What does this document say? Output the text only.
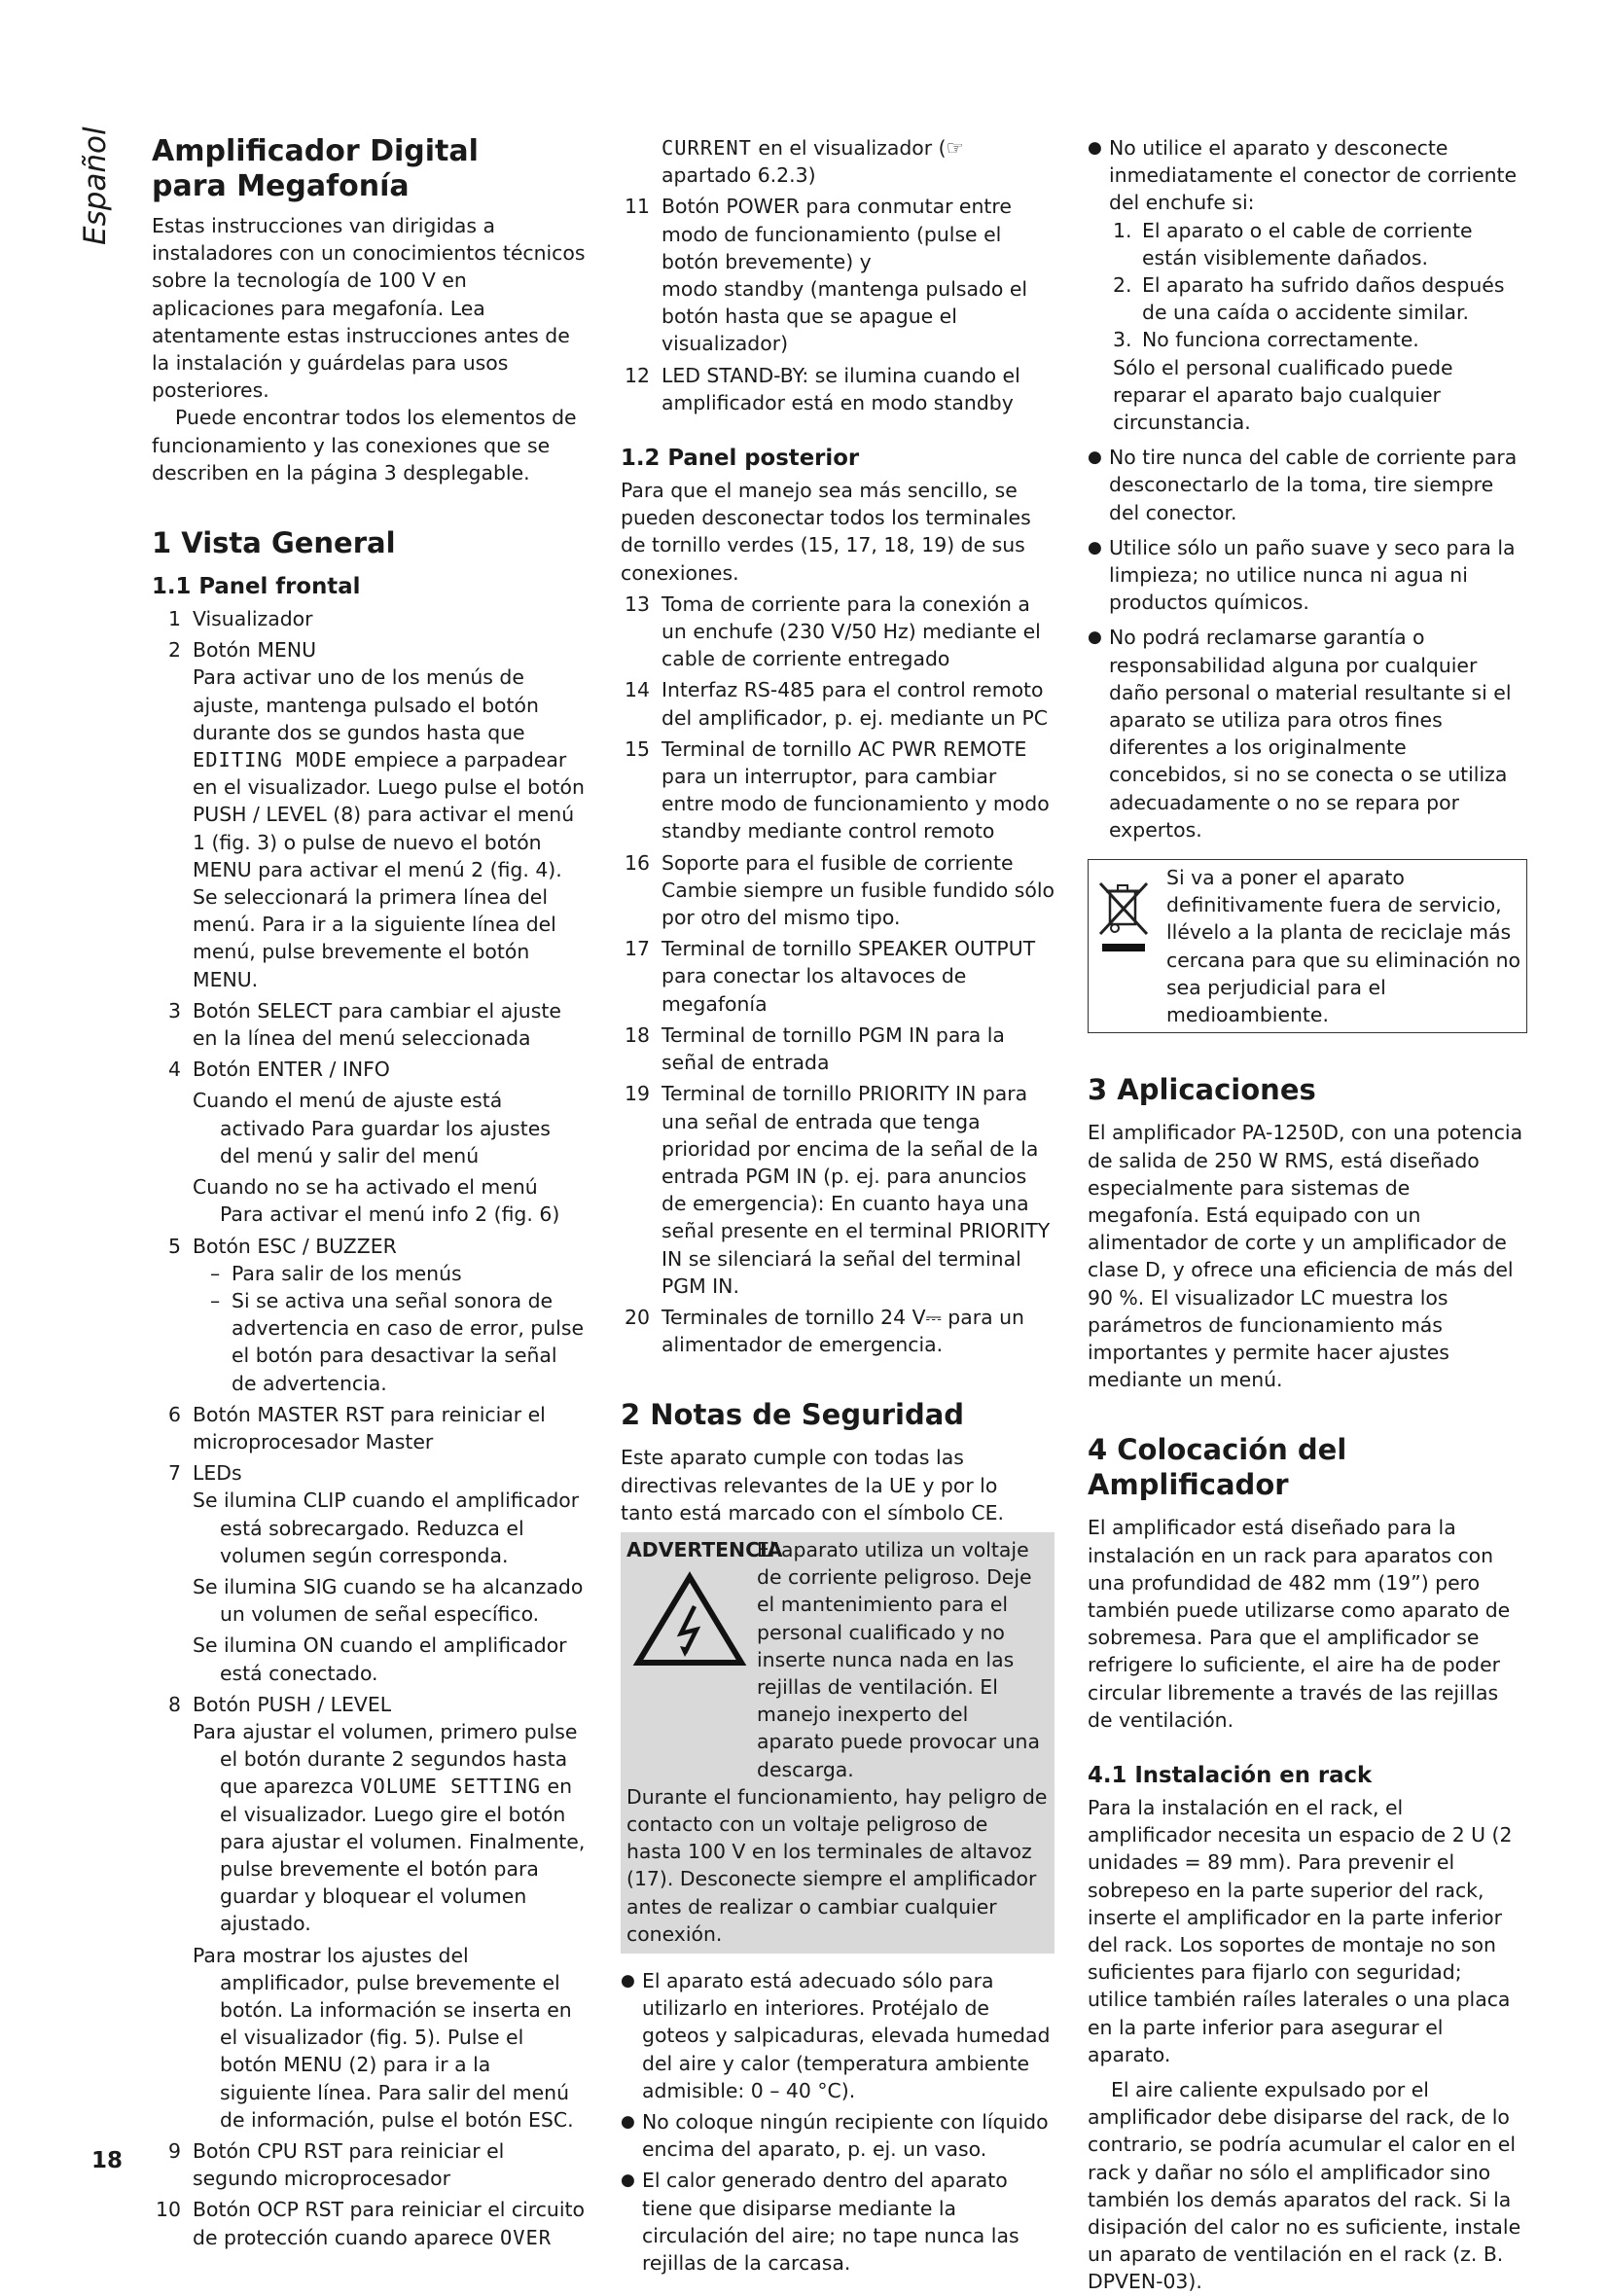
Español Amplificador Digital
para Megafonía

Estas instrucciones van dirigidas a instaladores con un conocimientos técnicos sobre la tecnología de 100 V en aplicaciones para megafonía. Lea atentamente estas instrucciones antes de la instalación y guárdelas para usos posteriores.

Puede encontrar todos los elementos de funcionamiento y las conexiones que se describen en la página 3 desplegable.

1 Vista General
1.1 Panel frontal
1 Visualizador
2 Botón MENU
Para activar uno de los menús de ajuste, mantenga pulsado el botón durante dos se gundos hasta que EDITING MODE empiece a parpadear en el visualizador. Luego pulse el botón PUSH / LEVEL (8) para activar el menú 1 (fig. 3) o pulse de nuevo el botón MENU para activar el menú 2 (fig. 4).
Se seleccionará la primera línea del menú. Para ir a la siguiente línea del menú, pulse brevemente el botón MENU.
3 Botón SELECT para cambiar el ajuste en la línea del menú seleccionada
4 Botón ENTER / INFO
Cuando el menú de ajuste está activado Para guardar los ajustes del menú y salir del menú
Cuando no se ha activado el menú Para activar el menú info 2 (fig. 6)
5 Botón ESC / BUZZER
– Para salir de los menús
– Si se activa una señal sonora de advertencia en caso de error, pulse el botón para desactivar la señal de advertencia.
6 Botón MASTER RST para reiniciar el microprocesador Master
7 LEDs
Se ilumina CLIP cuando el amplificador está sobrecargado. Reduzca el volumen según corresponda.
Se ilumina SIG cuando se ha alcanzado un volumen de señal específico.
Se ilumina ON cuando el amplificador está conectado.
8 Botón PUSH / LEVEL
Para ajustar el volumen, primero pulse el botón durante 2 segundos hasta que aparezca VOLUME SETTING en el visualizador. Luego gire el botón para ajustar el volumen. Finalmente, pulse brevemente el botón para guardar y bloquear el volumen ajustado.
Para mostrar los ajustes del amplificador, pulse brevemente el botón. La información se inserta en el visualizador (fig. 5). Pulse el botón MENU (2) para ir a la siguiente línea. Para salir del menú de información, pulse el botón ESC.
9 Botón CPU RST para reiniciar el segundo microprocesador
10 Botón OCP RST para reiniciar el circuito de protección cuando aparece OVER
CURRENT en el visualizador (☞ apartado 6.2.3)
11 Botón POWER para conmutar entre modo de funcionamiento (pulse el botón brevemente) y
modo standby (mantenga pulsado el botón hasta que se apague el visualizador)
12 LED STAND-BY: se ilumina cuando el amplificador está en modo standby
1.2 Panel posterior

Para que el manejo sea más sencillo, se pueden desconectar todos los terminales de tornillo verdes (15, 17, 18, 19) de sus conexiones.

13 Toma de corriente para la conexión a un enchufe (230 V/50 Hz) mediante el cable de corriente entregado
14 Interfaz RS-485 para el control remoto del amplificador, p. ej. mediante un PC
15 Terminal de tornillo AC PWR REMOTE para un interruptor, para cambiar entre modo de funcionamiento y modo standby mediante control remoto
16 Soporte para el fusible de corriente Cambie siempre un fusible fundido sólo por otro del mismo tipo.
17 Terminal de tornillo SPEAKER OUTPUT para conectar los altavoces de megafonía
18 Terminal de tornillo PGM IN para la señal de entrada
19 Terminal de tornillo PRIORITY IN para una señal de entrada que tenga prioridad por encima de la señal de la entrada PGM IN (p. ej. para anuncios de emergencia): En cuanto haya una señal presente en el terminal PRIORITY IN se silenciará la señal del terminal PGM IN.
20 Terminales de tornillo 24 V⎓ para un alimentador de emergencia.
2 Notas de Seguridad

Este aparato cumple con todas las directivas relevantes de la UE y por lo tanto está marcado con el símbolo CE.

ADVERTENCIA
El aparato utiliza un voltaje de corriente peligroso. Deje el mantenimiento para el personal cualificado y no inserte nunca nada en las rejillas de ventilación. El manejo inexperto del aparato puede provocar una descarga.
Durante el funcionamiento, hay peligro de contacto con un voltaje peligroso de hasta 100 V en los terminales de altavoz (17). Desconecte siempre el amplificador antes de realizar o cambiar cualquier conexión.
● El aparato está adecuado sólo para utilizarlo en interiores. Protéjalo de goteos y salpicaduras, elevada humedad del aire y calor (temperatura ambiente admisible: 0 – 40 °C).
● No coloque ningún recipiente con líquido encima del aparato, p. ej. un vaso.
● El calor generado dentro del aparato tiene que disiparse mediante la circulación del aire; no tape nunca las rejillas de la carcasa.
● No utilice el aparato y desconecte inmediatamente el conector de corriente del enchufe si:
1. El aparato o el cable de corriente están visiblemente dañados.
2. El aparato ha sufrido daños después de una caída o accidente similar.
3. No funciona correctamente.
Sólo el personal cualificado puede reparar el aparato bajo cualquier circunstancia.
● No tire nunca del cable de corriente para desconectarlo de la toma, tire siempre del conector.
● Utilice sólo un paño suave y seco para la limpieza; no utilice nunca ni agua ni productos químicos.
● No podrá reclamarse garantía o responsabilidad alguna por cualquier daño personal o material resultante si el aparato se utiliza para otros fines diferentes a los originalmente concebidos, si no se conecta o se utiliza adecuadamente o no se repara por expertos.
Si va a poner el aparato definitivamente fuera de servicio, llévelo a la planta de reciclaje más cercana para que su eliminación no sea perjudicial para el medioambiente.
3 Aplicaciones

El amplificador PA-1250D, con una potencia de salida de 250 W RMS, está diseñado especialmente para sistemas de megafonía. Está equipado con un alimentador de corte y un amplificador de clase D, y ofrece una eficiencia de más del 90 %. El visualizador LC muestra los parámetros de funcionamiento más importantes y permite hacer ajustes mediante un menú.

4 Colocación del Amplificador

El amplificador está diseñado para la instalación en un rack para aparatos con una profundidad de 482 mm (19”) pero también puede utilizarse como aparato de sobremesa. Para que el amplificador se refrigere lo suficiente, el aire ha de poder circular libremente a través de las rejillas de ventilación.

4.1 Instalación en rack

Para la instalación en el rack, el amplificador necesita un espacio de 2 U (2 unidades = 89 mm). Para prevenir el sobrepeso en la parte superior del rack, inserte el amplificador en la parte inferior del rack. Los soportes de montaje no son suficientes para fijarlo con seguridad; utilice también raíles laterales o una placa en la parte inferior para asegurar el aparato.

El aire caliente expulsado por el amplificador debe disiparse del rack, de lo contrario, se podría acumular el calor en el rack y dañar no sólo el amplificador sino también los demás aparatos del rack. Si la disipación del calor no es suficiente, instale un aparato de ventilación en el rack (z. B. DPVEN-03).

18
